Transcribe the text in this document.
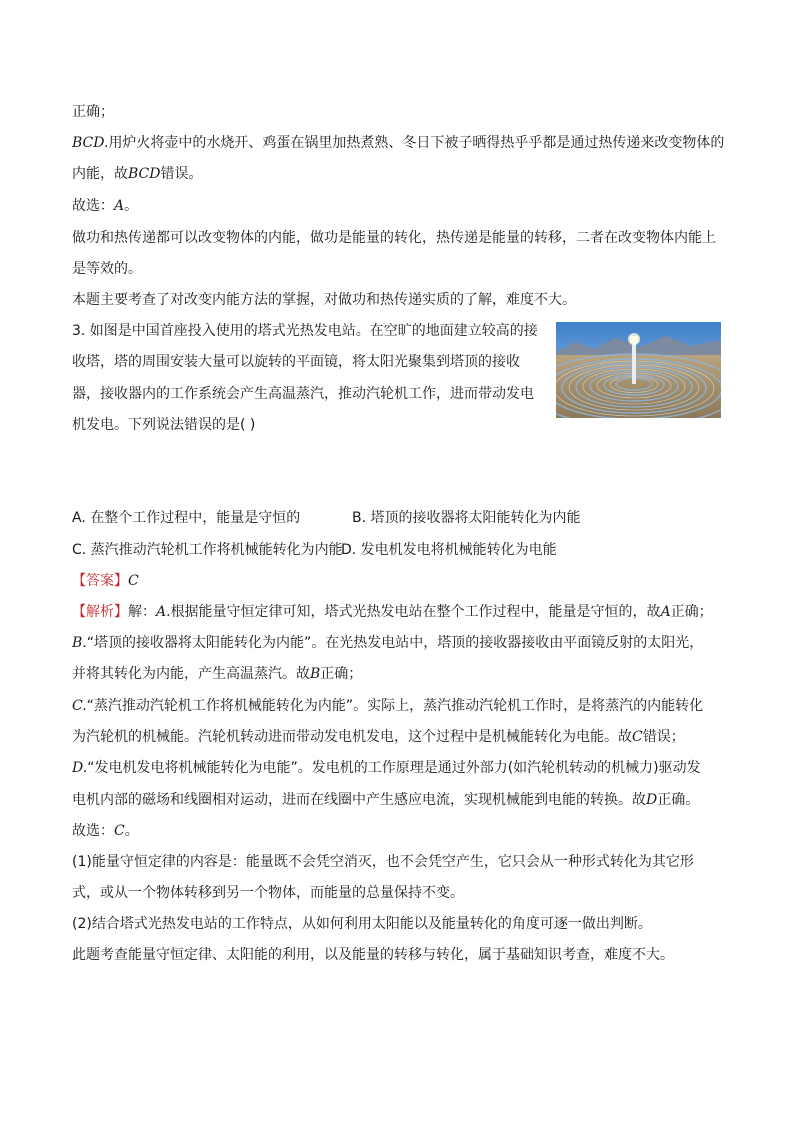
正确；
BCD.用炉火将壶中的水烧开、鸡蛋在锅里加热煮熟、冬日下被子晒得热乎乎都是通过热传递来改变物体的
内能，故BCD错误。
故选：A。
做功和热传递都可以改变物体的内能，做功是能量的转化，热传递是能量的转移，二者在改变物体内能上
是等效的。
本题主要考查了对改变内能方法的掌握，对做功和热传递实质的了解，难度不大。
3. 如图是中国首座投入使用的塔式光热发电站。在空旷的地面建立较高的接
收塔，塔的周围安装大量可以旋转的平面镜，将太阳光聚集到塔顶的接收
器，接收器内的工作系统会产生高温蒸汽，推动汽轮机工作，进而带动发电
机发电。下列说法错误的是( )
A. 在整个工作过程中，能量是守恒的	B. 塔顶的接收器将太阳能转化为内能
C. 蒸汽推动汽轮机工作将机械能转化为内能
D. 发电机发电将机械能转化为电能
【答案】C
【解析】解：A.根据能量守恒定律可知，塔式光热发电站在整个工作过程中，能量是守恒的，故A正确；
B.“塔顶的接收器将太阳能转化为内能”。在光热发电站中，塔顶的接收器接收由平面镜反射的太阳光，
并将其转化为内能，产生高温蒸汽。故B正确；
C.“蒸汽推动汽轮机工作将机械能转化为内能”。实际上，蒸汽推动汽轮机工作时，是将蒸汽的内能转化
为汽轮机的机械能。汽轮机转动进而带动发电机发电，这个过程中是机械能转化为电能。故C错误；
D.“发电机发电将机械能转化为电能”。发电机的工作原理是通过外部力(如汽轮机转动的机械力)驱动发
电机内部的磁场和线圈相对运动，进而在线圈中产生感应电流，实现机械能到电能的转换。故D正确。
故选：C。
(1)能量守恒定律的内容是：能量既不会凭空消灭，也不会凭空产生，它只会从一种形式转化为其它形
式，或从一个物体转移到另一个物体，而能量的总量保持不变。
(2)结合塔式光热发电站的工作特点，从如何利用太阳能以及能量转化的角度可逐一做出判断。
此题考查能量守恒定律、太阳能的利用，以及能量的转移与转化，属于基础知识考查，难度不大。
